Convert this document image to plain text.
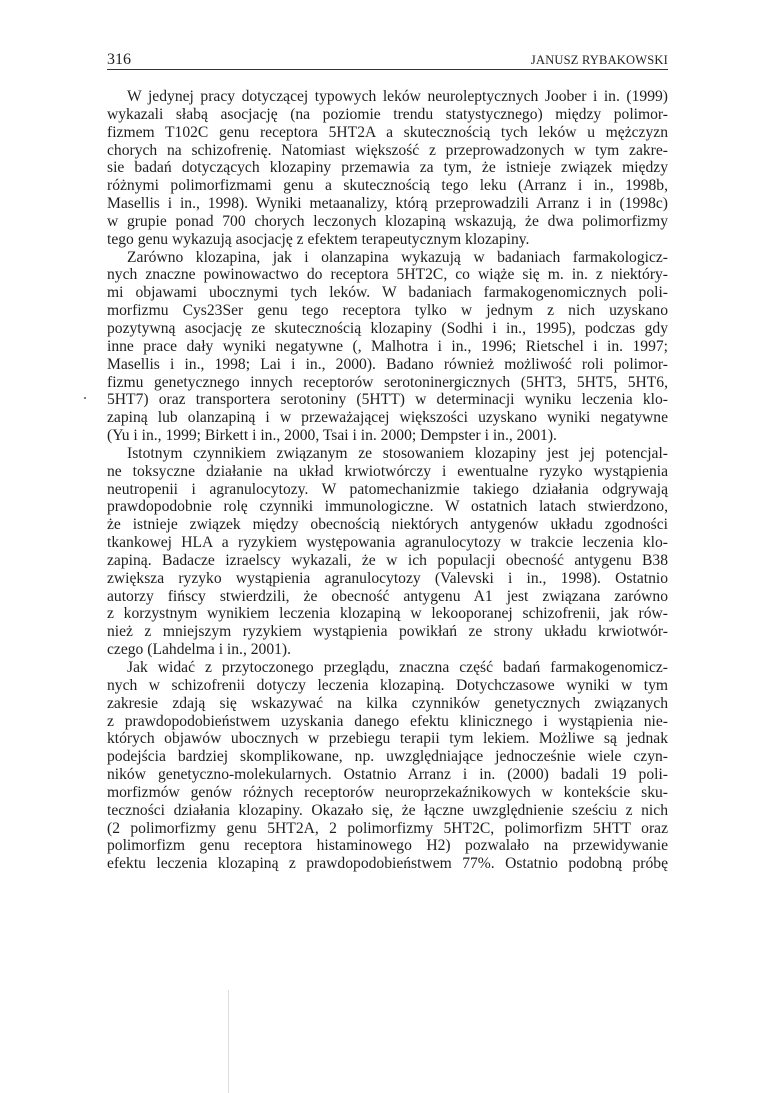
316	JANUSZ RYBAKOWSKI
W jedynej pracy dotyczącej typowych leków neuroleptycznych Joober i in. (1999)
wykazali słabą asocjację (na poziomie trendu statystycznego) między polimor-
fizmem T102C genu receptora 5HT2A a skutecznością tych leków u mężczyzn
chorych na schizofrenię. Natomiast większość z przeprowadzonych w tym zakre-
sie badań dotyczących klozapiny przemawia za tym, że istnieje związek między
różnymi polimorfizmami genu a skutecznością tego leku (Arranz i in., 1998b,
Masellis i in., 1998). Wyniki metaanalizy, którą przeprowadzili Arranz i in (1998c)
w grupie ponad 700 chorych leczonych klozapiną wskazują, że dwa polimorfizmy
tego genu wykazują asocjację z efektem terapeutycznym klozapiny.
Zarówno klozapina, jak i olanzapina wykazują w badaniach farmakologicz-
nych znaczne powinowactwo do receptora 5HT2C, co wiąże się m. in. z niektóry-
mi objawami ubocznymi tych leków. W badaniach farmakogenomicznych poli-
morfizmu Cys23Ser genu tego receptora tylko w jednym z nich uzyskano
pozytywną asocjację ze skutecznością klozapiny (Sodhi i in., 1995), podczas gdy
inne prace dały wyniki negatywne (, Malhotra i in., 1996; Rietschel i in. 1997;
Masellis i in., 1998; Lai i in., 2000). Badano również możliwość roli polimor-
fizmu genetycznego innych receptorów serotoninergicznych (5HT3, 5HT5, 5HT6,
5HT7) oraz transportera serotoniny (5HTT) w determinacji wyniku leczenia klo-
zapiną lub olanzapiną i w przeważającej większości uzyskano wyniki negatywne
(Yu i in., 1999; Birkett i in., 2000, Tsai i in. 2000; Dempster i in., 2001).
Istotnym czynnikiem związanym ze stosowaniem klozapiny jest jej potencjal-
ne toksyczne działanie na układ krwiotwórczy i ewentualne ryzyko wystąpienia
neutropenii i agranulocytozy. W patomechanizmie takiego działania odgrywają
prawdopodobnie rolę czynniki immunologiczne. W ostatnich latach stwierdzono,
że istnieje związek między obecnością niektórych antygenów układu zgodności
tkankowej HLA a ryzykiem występowania agranulocytozy w trakcie leczenia klo-
zapiną. Badacze izraelscy wykazali, że w ich populacji obecność antygenu B38
zwiększa ryzyko wystąpienia agranulocytozy (Valevski i in., 1998). Ostatnio
autorzy fińscy stwierdzili, że obecność antygenu A1 jest związana zarówno
z korzystnym wynikiem leczenia klozapiną w lekooporanej schizofrenii, jak rów-
nież z mniejszym ryzykiem wystąpienia powikłań ze strony układu krwiotwór-
czego (Lahdelma i in., 2001).
Jak widać z przytoczonego przeglądu, znaczna część badań farmakogenomicz-
nych w schizofrenii dotyczy leczenia klozapiną. Dotychczasowe wyniki w tym
zakresie zdają się wskazywać na kilka czynników genetycznych związanych
z prawdopodobieństwem uzyskania danego efektu klinicznego i wystąpienia nie-
których objawów ubocznych w przebiegu terapii tym lekiem. Możliwe są jednak
podejścia bardziej skomplikowane, np. uwzględniające jednocześnie wiele czyn-
ników genetyczno-molekularnych. Ostatnio Arranz i in. (2000) badali 19 poli-
morfizmów genów różnych receptorów neuroprzekaźnikowych w kontekście sku-
teczności działania klozapiny. Okazało się, że łączne uwzględnienie sześciu z nich
(2 polimorfizmy genu 5HT2A, 2 polimorfizmy 5HT2C, polimorfizm 5HTT oraz
polimorfizm genu receptora histaminowego H2) pozwalało na przewidywanie
efektu leczenia klozapiną z prawdopodobieństwem 77%. Ostatnio podobną próbę
